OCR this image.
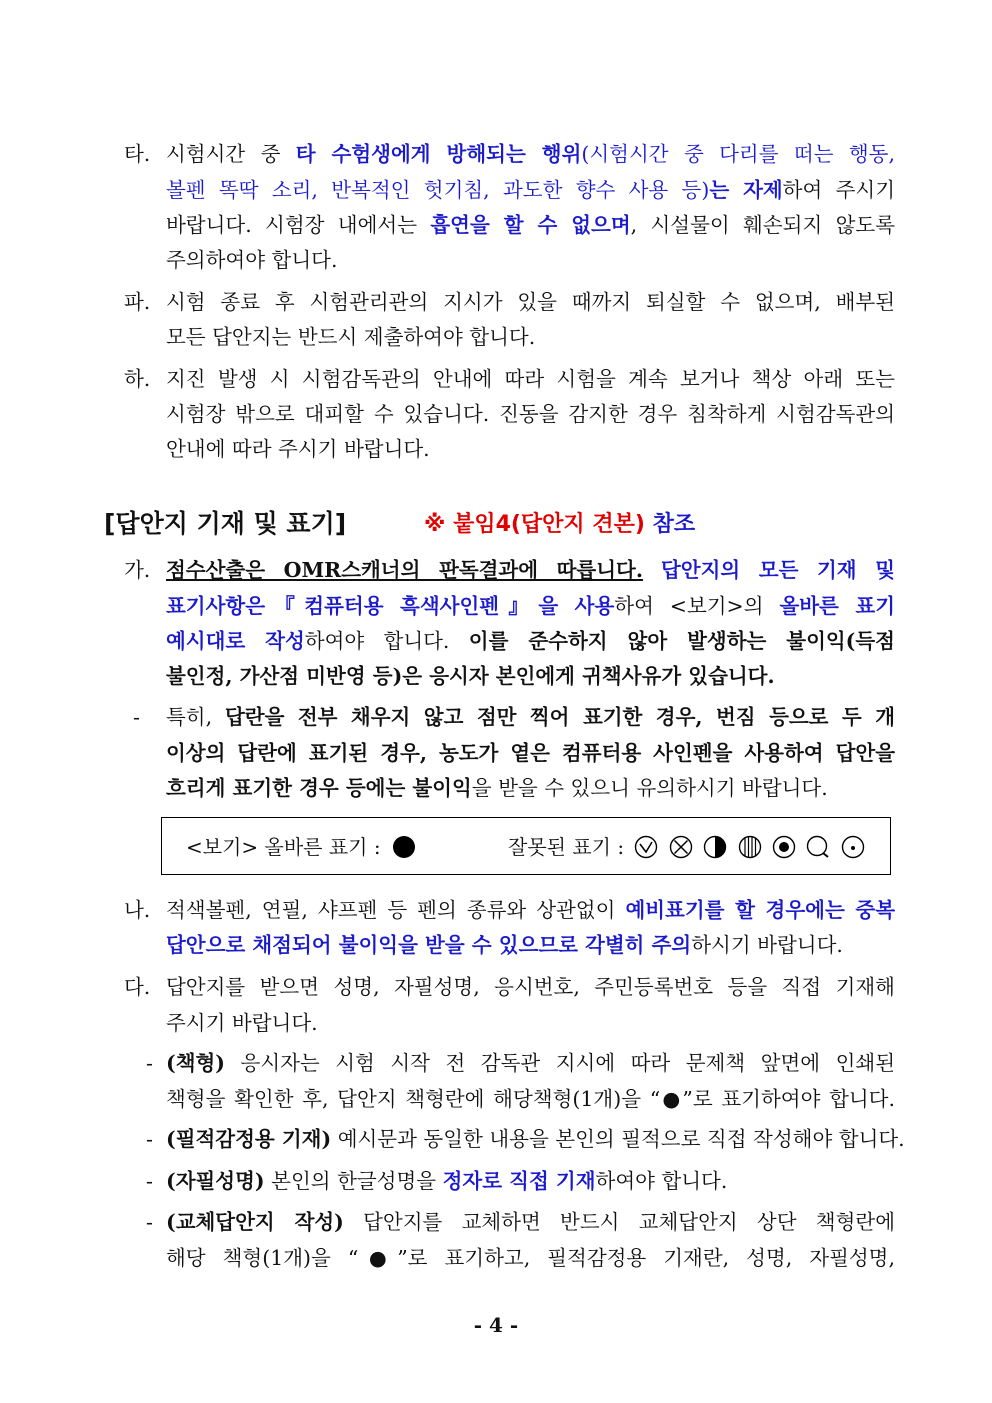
타. 시험시간 중 타 수험생에게 방해되는 행위(시험시간 중 다리를 떠는 행동,
볼펜 똑딱 소리, 반복적인 헛기침, 과도한 향수 사용 등)는 자제하여 주시기
바랍니다. 시험장 내에서는 흡연을 할 수 없으며, 시설물이 훼손되지 않도록
주의하여야 합니다.
파. 시험 종료 후 시험관리관의 지시가 있을 때까지 퇴실할 수 없으며, 배부된
모든 답안지는 반드시 제출하여야 합니다.
하. 지진 발생 시 시험감독관의 안내에 따라 시험을 계속 보거나 책상 아래 또는
시험장 밖으로 대피할 수 있습니다. 진동을 감지한 경우 침착하게 시험감독관의
안내에 따라 주시기 바랍니다.
[답안지 기재 및 표기]	※ 붙임4(답안지 견본) 참조
가. 점수산출은 OMR스캐너의 판독결과에 따릅니다. 답안지의 모든 기재 및
표기사항은『컴퓨터용 흑색사인펜』을 사용하여 <보기>의 올바른 표기
예시대로 작성하여야 합니다. 이를 준수하지 않아 발생하는 불이익(득점
불인정, 가산점 미반영 등)은 응시자 본인에게 귀책사유가 있습니다.
- 특히, 답란을 전부 채우지 않고 점만 찍어 표기한 경우, 번짐 등으로 두 개
이상의 답란에 표기된 경우, 농도가 옅은 컴퓨터용 사인펜을 사용하여 답안을
흐리게 표기한 경우 등에는 불이익을 받을 수 있으니 유의하시기 바랍니다.
<보기> 올바른 표기 :	잘못된 표기 :
나. 적색볼펜, 연필, 샤프펜 등 펜의 종류와 상관없이 예비표기를 할 경우에는 중복
답안으로 채점되어 불이익을 받을 수 있으므로 각별히 주의하시기 바랍니다.
다. 답안지를 받으면 성명, 자필성명, 응시번호, 주민등록번호 등을 직접 기재해
주시기 바랍니다.
- (책형) 응시자는 시험 시작 전 감독관 지시에 따라 문제책 앞면에 인쇄된
책형을 확인한 후, 답안지 책형란에 해당책형(1개)을 “●”로 표기하여야 합니다.
- (필적감정용 기재) 예시문과 동일한 내용을 본인의 필적으로 직접 작성해야 합니다.
- (자필성명) 본인의 한글성명을 정자로 직접 기재하여야 합니다.
- (교체답안지 작성) 답안지를 교체하면 반드시 교체답안지 상단 책형란에
해당 책형(1개)을 “●”로 표기하고, 필적감정용 기재란, 성명, 자필성명,
- 4 -
